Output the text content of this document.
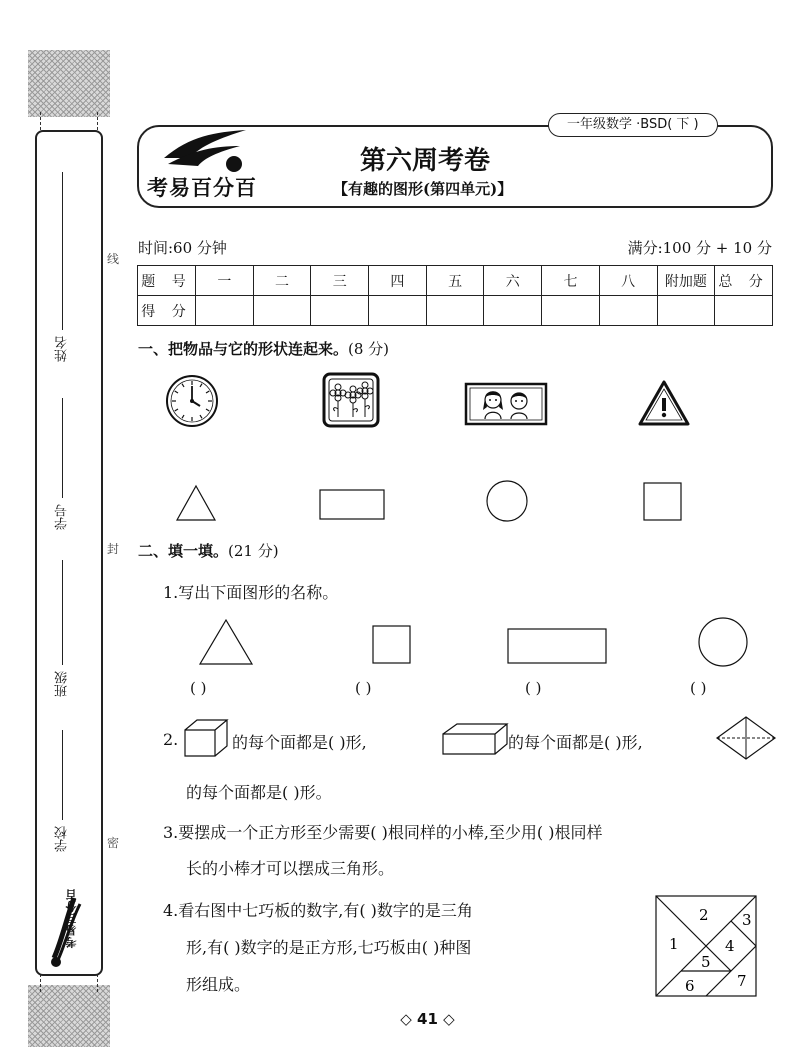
姓名
学号
班级
学校
线
封
密
考易百分百
一年级数学 ·BSD( 下 )
考易百分百
第六周考卷
【有趣的图形(第四单元)】
时间:60 分钟	满分:100 分 + 10 分
题 号	一	二	三	四	五	六	七	八	附加题	总 分
得 分										
一、把物品与它的形状连起来。(8 分)
二、填一填。(21 分)
1.写出下面图形的名称。
( )	( )	( )	( )
2.	的每个面都是( )形,	的每个面都是( )形,
的每个面都是( )形。
3.要摆成一个正方形至少需要( )根同样的小棒,至少用( )根同样
长的小棒才可以摆成三角形。
4.看右图中七巧板的数字,有( )数字的是三角
形,有( )数字的是正方形,七巧板由( )种图
形组成。
1
2 3
4
5
6	7
◇ 41 ◇
